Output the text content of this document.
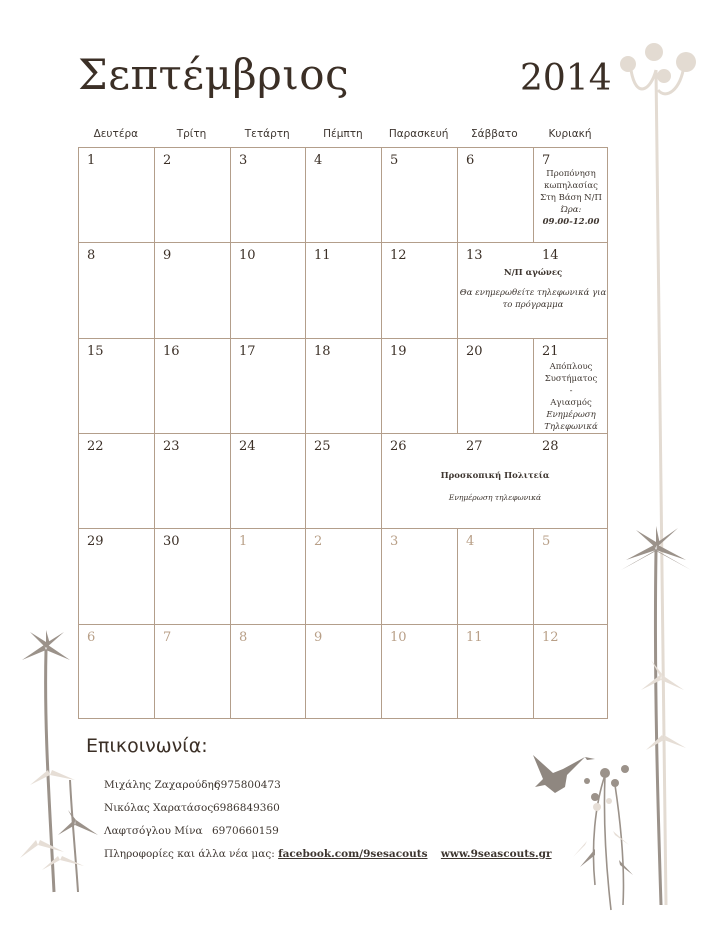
Σεπτέμβριος	2014
Δευτέρα	Τρίτη	Τετάρτη	Πέμπτη	Παρασκευή	Σάββατο	Κυριακή
1	2	3	4	5	6	7
Προπόνηση
κωπηλασίας
Στη Βάση Ν/Π
Ώρα:
09.00-12.00
8	9	10	11	12	13	14
Ν/Π αγώνες
Θα ενημερωθείτε τηλεφωνικά για
το πρόγραμμα
15	16	17	18	19	20	21
Απόπλους
Συστήματος
-
Αγιασμός
Ενημέρωση
Τηλεφωνικά
22	23	24	25	26	27	28
Προσκοπική Πολιτεία
Ενημέρωση τηλεφωνικά
29	30	1	2	3	4	5
6	7	8	9	10	11	12
Επικοινωνία:
Μιχάλης Ζαχαρούδης
6975800473
Νικόλας Χαρατάσος 6986849360
Λαφτσόγλου Μίνα 6970660159
Πληροφορίες και άλλα νέα μας: facebook.com/9sesacouts www.9seascouts.gr
